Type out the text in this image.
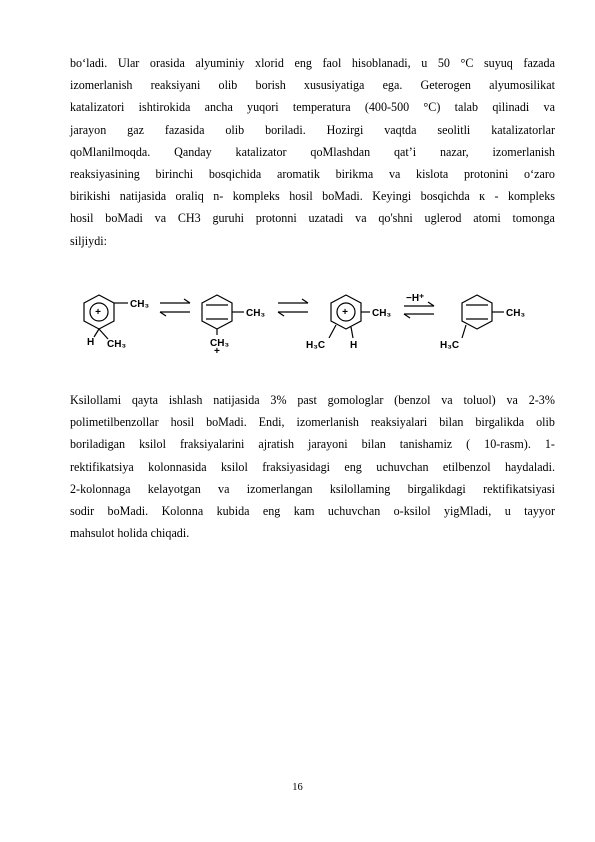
bo‘ladi. Ular orasida alyuminiy xlorid eng faol hisoblanadi, u 50 °C suyuq fazada
izomerlanish reaksiyani olib borish xususiyatiga ega. Geterogen alyumosilikat
katalizatori ishtirokida ancha yuqori temperatura (400-500 °C) talab qilinadi va
jarayon gaz fazasida olib boriladi. Hozirgi vaqtda seolitli katalizatorlar
qoMlanilmoqda. Qanday katalizator qoMlashdan qat’i nazar, izomerlanish
reaksiyasining birinchi bosqichida aromatik birikma va kislota protonini o‘zaro
birikishi natijasida oraliq n- kompleks hosil boMadi. Keyingi bosqichda к - kompleks
hosil boMadi va CH3 guruhi protonni uzatadi va qo'shni uglerod atomi tomonga
siljiydi:
+
CH₃
H CH₃
CH₃
CH₃
+
+ CH₃
H₃C H
−H⁺
CH₃
H₃C
Ksilollami qayta ishlash natijasida 3% past gomologlar (benzol va toluol) va 2-3%
polimetilbenzollar hosil boMadi. Endi, izomerlanish reaksiyalari bilan birgalikda olib
boriladigan ksilol fraksiyalarini ajratish jarayoni bilan tanishamiz ( 10-rasm). 1-
rektifikatsiya kolonnasida ksilol fraksiyasidagi eng uchuvchan etilbenzol haydaladi.
2-kolonnaga kelayotgan va izomerlangan ksilollaming birgalikdagi rektifikatsiyasi
sodir boMadi. Kolonna kubida eng kam uchuvchan o-ksilol yigMladi, u tayyor
mahsulot holida chiqadi.
16
